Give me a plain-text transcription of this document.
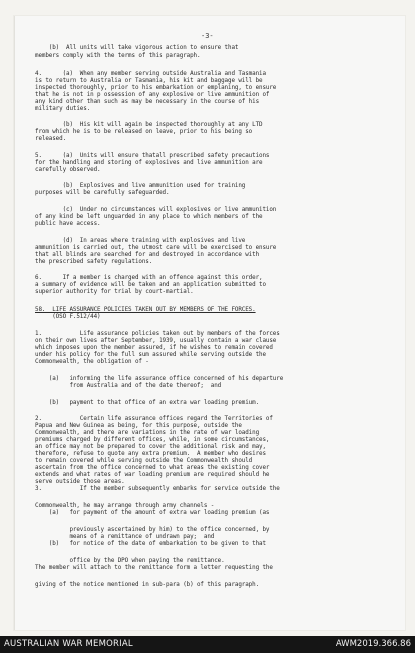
-3-
(b)  All units will take vigorous action to ensure that
members comply with the terms of this paragraph.
4.      (a)  When any member serving outside Australia and Tasmania
is to return to Australia or Tasmania, his kit and baggage will be
inspected thoroughly, prior to his embarkation or emplaning, to ensure
that he is not in p ossession of any explosive or live ammunition of
any kind other than such as may be necessary in the course of his
military duties.
(b)  His kit will again be inspected thoroughly at any LTD
from which he is to be released on leave, prior to his being so
released.
5.      (a)  Units will ensure thatall prescribed safety precautions
for the handling and storing of explosives and live ammunition are
carefully observed.
(b)  Explosives and live ammunition used for training
purposes will be carefully safeguarded.
(c)  Under no circumstances will explosives or live ammunition
of any kind be left unguarded in any place to which members of the
public have access.
(d)  In areas where training with explosives and live
ammunition is carried out, the utmost care will be exercised to ensure
that all blinds are searched for and destroyed in accordance with
the prescribed safety regulations.
6.      If a member is charged with an offence against this order,
a summary of evidence will be taken and an application submitted to
superior authority for trial by court-martial.
58.  LIFE ASSURANCE POLICIES TAKEN OUT BY MEMBERS OF THE FORCES.
(OSO F.512/44)
1.           Life assurance policies taken out by members of the forces
on their own lives after September, 1939, usually contain a war clause
which imposes upon the member assured, if he wishes to remain covered
under his policy for the full sum assured while serving outside the
Commonwealth, the obligation of -
(a)   informing the life assurance office concerned of his departure
from Australia and of the date thereof;  and
(b)   payment to that office of an extra war loading premium.
2.           Certain life assurance offices regard the Territories of
Papua and New Guinea as being, for this purpose, outside the
Commonwealth, and there are variations in the rate of war loading
premiums charged by different offices, while, in some circumstances,
an office may not be prepared to cover the additional risk and may,
therefore, refuse to quote any extra premium.  A member who desires
to remain covered while serving outside the Commonwealth should
ascertain from the office concerned to what areas the existing cover
extends and what rates of war loading premium are required should he
serve outside those areas.
3.           If the member subsequently embarks for service outside the
Commonwealth, he may arrange through army channels -
(a)   for payment of the amount of extra war loading premium (as
previously ascertained by him) to the office concerned, by
means of a remittance of undrawn pay;  and
(b)   for notice of the date of embarkation to be given to that
office by the DPO when paying the remittance.
The member will attach to the remittance form a letter requesting the
giving of the notice mentioned in sub-para (b) of this paragraph.
AUSTRALIAN WAR MEMORIAL	AWM2019.366.86
